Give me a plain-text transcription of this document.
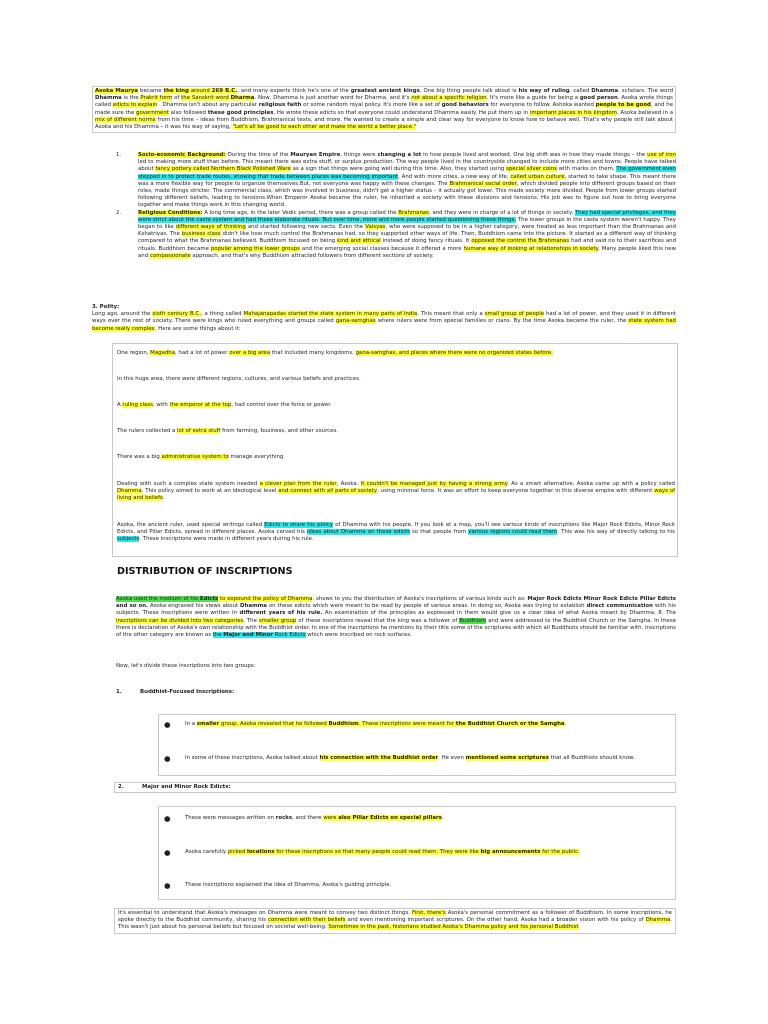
Asoka Maurya became the king around 269 B.C., and many experts think he's one of the greatest ancient kings. One big thing people talk about is his way of ruling, called Dhamma. scholars. The word Dhamma is the Prakrit form of the Sanskrit word Dharma. Now, Dhamma is just another word for Dharma, and it's not about a specific religion. It's more like a guide for being a good person. Asoka wrote things called edicts to explain . Dhamma isn't about any particular religious faith or some random royal policy. It's more like a set of good behaviors for everyone to follow. Ashoka wanted people to be good, and he made sure the government also followed these good principles. He wrote these edicts so that everyone could understand Dhamma easily. He put them up in important places in his kingdom. Asoka believed in a mix of different norms from his time – ideas from Buddhism, Brahmanical texts, and more. He wanted to create a simple and clear way for everyone to know how to behave well. That's why people still talk about Asoka and his Dhamma – it was his way of saying, "Let's all be good to each other and make the world a better place."

1.	Socio-economic Background: During the time of the Mauryan Empire, things were changing a lot in how people lived and worked. One big shift was in how they made things – the use of iron led to making more stuff than before. This meant there was extra stuff, or surplus production. The way people lived in the countryside changed to include more cities and towns. People have talked about fancy pottery called Northern Black Polished Ware as a sign that things were going well during this time. Also, they started using special silver coins with marks on them. The government even stepped in to protect trade routes, showing that trade between places was becoming important. And with more cities, a new way of life, called urban culture, started to take shape. This meant there was a more flexible way for people to organize themselves.But, not everyone was happy with these changes. The Brahmanical social order, which divided people into different groups based on their roles, made things stricter. The commercial class, which was involved in business, didn't get a higher status – it actually got lower. This made society more divided. People from lower groups started following different beliefs, leading to tensions.When Emperor Asoka became the ruler, he inherited a society with these divisions and tensions. His job was to figure out how to bring everyone together and make things work in this changing world.

2.	Religious Conditions: A long time ago, in the later Vedic period, there was a group called the Brahmanas, and they were in charge of a lot of things in society. They had special privileges, and they were strict about the caste system and had these elaborate rituals. But over time, more and more people started questioning these things. The lower groups in the caste system weren't happy. They began to like different ways of thinking and started following new sects. Even the Vaisyas, who were supposed to be in a higher category, were treated as less important than the Brahmanas and Kshatriyas. The business class didn't like how much control the Brahmanas had, so they supported other ways of life. Then, Buddhism came into the picture. It started as a different way of thinking compared to what the Brahmanas believed. Buddhism focused on being kind and ethical instead of doing fancy rituals. It opposed the control the Brahmanas had and said no to their sacrifices and rituals. Buddhism became popular among the lower groups and the emerging social classes because it offered a more humane way of looking at relationships in society. Many people liked this new and compassionate approach, and that's why Buddhism attracted followers from different sections of society.

3. Polity:

Long ago, around the sixth century B.C., a thing called Mahajanapadas started the state system in many parts of India. This meant that only a small group of people had a lot of power, and they used it in different ways over the rest of society. There were kings who ruled everything and groups called gana-samghas where rulers were from special families or clans. By the time Asoka became the ruler, the state system had become really complex. Here are some things about it:

One region, Magadha, had a lot of power over a big area that included many kingdoms, gana-samghas, and places where there were no organized states before.

In this huge area, there were different regions, cultures, and various beliefs and practices.

A ruling class, with the emperor at the top, had control over the force or power.

The rulers collected a lot of extra stuff from farming, business, and other sources.

There was a big administrative system to manage everything.

Dealing with such a complex state system needed a clever plan from the ruler, Asoka. It couldn't be managed just by having a strong army. As a smart alternative, Asoka came up with a policy called Dhamma. This policy aimed to work at an ideological level and connect with all parts of society, using minimal force. It was an effort to keep everyone together in this diverse empire with different ways of living and beliefs.

Asoka, the ancient ruler, used special writings called Edicts to share his policy of Dhamma with his people. If you look at a map, you'll see various kinds of inscriptions like Major Rock Edicts, Minor Rock Edicts, and Pillar Edicts, spread in different places. Asoka carved his ideas about Dhamma on these edicts so that people from various regions could read them. This was his way of directly talking to his subjects. These inscriptions were made in different years during his rule.

DISTRIBUTION OF INSCRIPTIONS

Asoka used the medium of his Edicts to expound the policy of Dhamma. shows to you the distribution of Asoka's inscriptions of various kinds such as: Major Rock Edicts Minor Rock Edicts Pillar Edicts and so on. Asoka engraved his views about Dhamma on these edicts which were meant to be read by people of various areas. In doing so, Asoka was trying to establish direct communication with his subjects. These inscriptions were written in different years of his rule. An examination of the principles as expressed in them would give us a clear idea of what Asoka meant by Dhamma. 8. The inscriptions can be divided into two categories. The smaller group of these inscriptions reveal that the king was a follower of Buddhism and were addressed to the Buddhist Church or the Samgha. In these there is declaration of Asoka's own relationship with the Buddhist order. In one of the inscriptions he mentions by their title some of the scriptures with which all Buddhists should be familiar with. Inscriptions of the other category are known as the Major and Minor Rock Edicts which were inscribed on rock surfaces.

Now, let's divide these inscriptions into two groups:

1.	Buddhist-Focused Inscriptions:

●	In a smaller group, Asoka revealed that he followed Buddhism. These inscriptions were meant for the Buddhist Church or the Samgha.

●	In some of these inscriptions, Asoka talked about his connection with the Buddhist order. He even mentioned some scriptures that all Buddhists should know.

2.	Major and Minor Rock Edicts:

●	These were messages written on rocks, and there were also Pillar Edicts on special pillars.

●	Asoka carefully picked locations for these inscriptions so that many people could read them. They were like big announcements for the public.

●	These inscriptions explained the idea of Dhamma, Asoka's guiding principle.

It's essential to understand that Asoka's messages on Dhamma were meant to convey two distinct things. First, there's Asoka's personal commitment as a follower of Buddhism. In some inscriptions, he spoke directly to the Buddhist community, sharing his connection with their beliefs and even mentioning important scriptures. On the other hand, Asoka had a broader vision with his policy of Dhamma. This wasn't just about his personal beliefs but focused on societal well-being. Sometimes in the past, historians studied Asoka's Dhamma policy and his personal Buddhist
